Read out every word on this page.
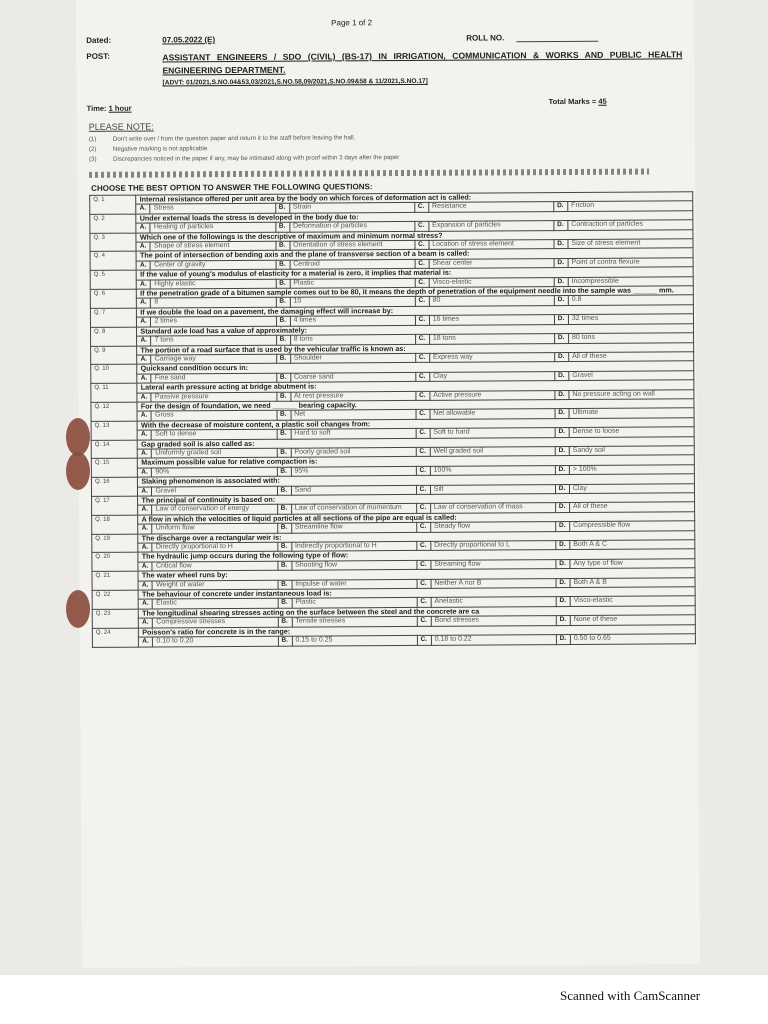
Page 1 of 2
Dated:	07.05.2022 (E)	ROLL NO.
POST:	ASSISTANT ENGINEERS / SDO (CIVIL) (BS-17) IN IRRIGATION, COMMUNICATION & WORKS AND PUBLIC HEALTH ENGINEERING DEPARTMENT.
[ADVT: 01/2021,S.NO.04&53,03/2021,S.NO.58,09/2021,S.NO.09&58 & 11/2021,S.NO.17]
Time: 1 hour
Total Marks = 45
PLEASE NOTE:
(1)	Don't write over / from the question paper and return it to the staff before leaving the hall.
(2)	Negative marking is not applicable.
(3)	Discrepancies noticed in the paper if any, may be intimated along with proof within 3 days after the paper
CHOOSE THE BEST OPTION TO ANSWER THE FOLLOWING QUESTIONS:
Q. 1	Internal resistance offered per unit area by the body on which forces of deformation act is called:							
	A.	Stress	B.	Strain	C.	Resistance	D.	Friction
Q. 2	Under external loads the stress is developed in the body due to:							
	A.	Healing of particles	B.	Deformation of particles	C.	Expansion of particles	D.	Contraction of particles
Q. 3	Which one of the followings is the descriptive of maximum and minimum normal stress?							
	A.	Shape of stress element	B.	Orientation of stress element	C.	Location of stress element	D.	Size of stress element
Q. 4	The point of intersection of bending axis and the plane of transverse section of a beam is called:							
	A.	Center of gravity	B.	Centroid	C.	Shear center	D.	Point of contra flexure
Q. 5	If the value of young's modulus of elasticity for a material is zero, it implies that material is:							
	A.	Highly elastic	B.	Plastic	C.	Visco-elastic	D.	Incompressible
Q. 6	If the penetration grade of a bitumen sample comes out to be 80, it means the depth of penetration of the equipment needle into the sample was ______ mm.							
	A.	8	B.	10	C.	80	D.	0.8
Q. 7	If we double the load on a pavement, the damaging effect will increase by:							
	A.	2 times	B.	4 times	C.	16 times	D.	32 times
Q. 8	Standard axle load has a value of approximately:							
	A.	7 tons	B.	8 tons	C.	18 tons	D.	80 tons
Q. 9	The portion of a road surface that is used by the vehicular traffic is known as:							
	A.	Carriage way	B.	Shoulder	C.	Express way	D.	All of these
Q. 10	Quicksand condition occurs in:							
	A.	Fine sand	B.	Coarse sand	C.	Clay	D.	Gravel
Q. 11	Lateral earth pressure acting at bridge abutment is:							
	A.	Passive pressure	B.	At rest pressure	C.	Active pressure	D.	No pressure acting on wall
Q. 12	For the design of foundation, we need ______ bearing capacity.							
	A.	Gross	B.	Net	C.	Net allowable	D.	Ultimate
Q. 13	With the decrease of moisture content, a plastic soil changes from:							
	A.	Soft to dense	B.	Hard to soft	C.	Soft to hard	D.	Dense to loose
Q. 14	Gap graded soil is also called as:							
	A.	Uniformly graded soil	B.	Poorly graded soil	C.	Well graded soil	D.	Sandy soil
Q. 15	Maximum possible value for relative compaction is:							
	A.	90%	B.	95%	C.	100%	D.	> 100%
Q. 16	Slaking phenomenon is associated with:							
	A.	Gravel	B.	Sand	C.	Silt	D.	Clay
Q. 17	The principal of continuity is based on:							
	A.	Law of conservation of energy	B.	Law of conservation of momentum	C.	Law of conservation of mass	D.	All of these
Q. 18	A flow in which the velocities of liquid particles at all sections of the pipe are equal is called:							
	A.	Uniform flow	B.	Streamline flow	C.	Steady flow	D.	Compressible flow
Q. 19	The discharge over a rectangular weir is:							
	A.	Directly proportional to H	B.	Indirectly proportional to H	C.	Directly proportional to L	D.	Both A & C
Q. 20	The hydraulic jump occurs during the following type of flow:							
	A.	Critical flow	B.	Shooting flow	C.	Streaming flow	D.	Any type of flow
Q. 21	The water wheel runs by:							
	A.	Weight of water	B.	Impulse of water	C.	Neither A nor B	D.	Both A & B
Q. 22	The behaviour of concrete under instantaneous load is:							
	A.	Elastic	B.	Plastic	C.	Anelastic	D.	Visco-elastic
Q. 23	The longitudinal shearing stresses acting on the surface between the steel and the concrete are ca							
	A.	Compressive stresses	B.	Tensile stresses	C.	Bond stresses	D.	None of these
Q. 24	Poisson's ratio for concrete is in the range:							
	A.	0.10 to 0.20	B.	0.15 to 0.25	C.	0.18 to 0.22	D.	0.50 to 0.65
Scanned with CamScanner
